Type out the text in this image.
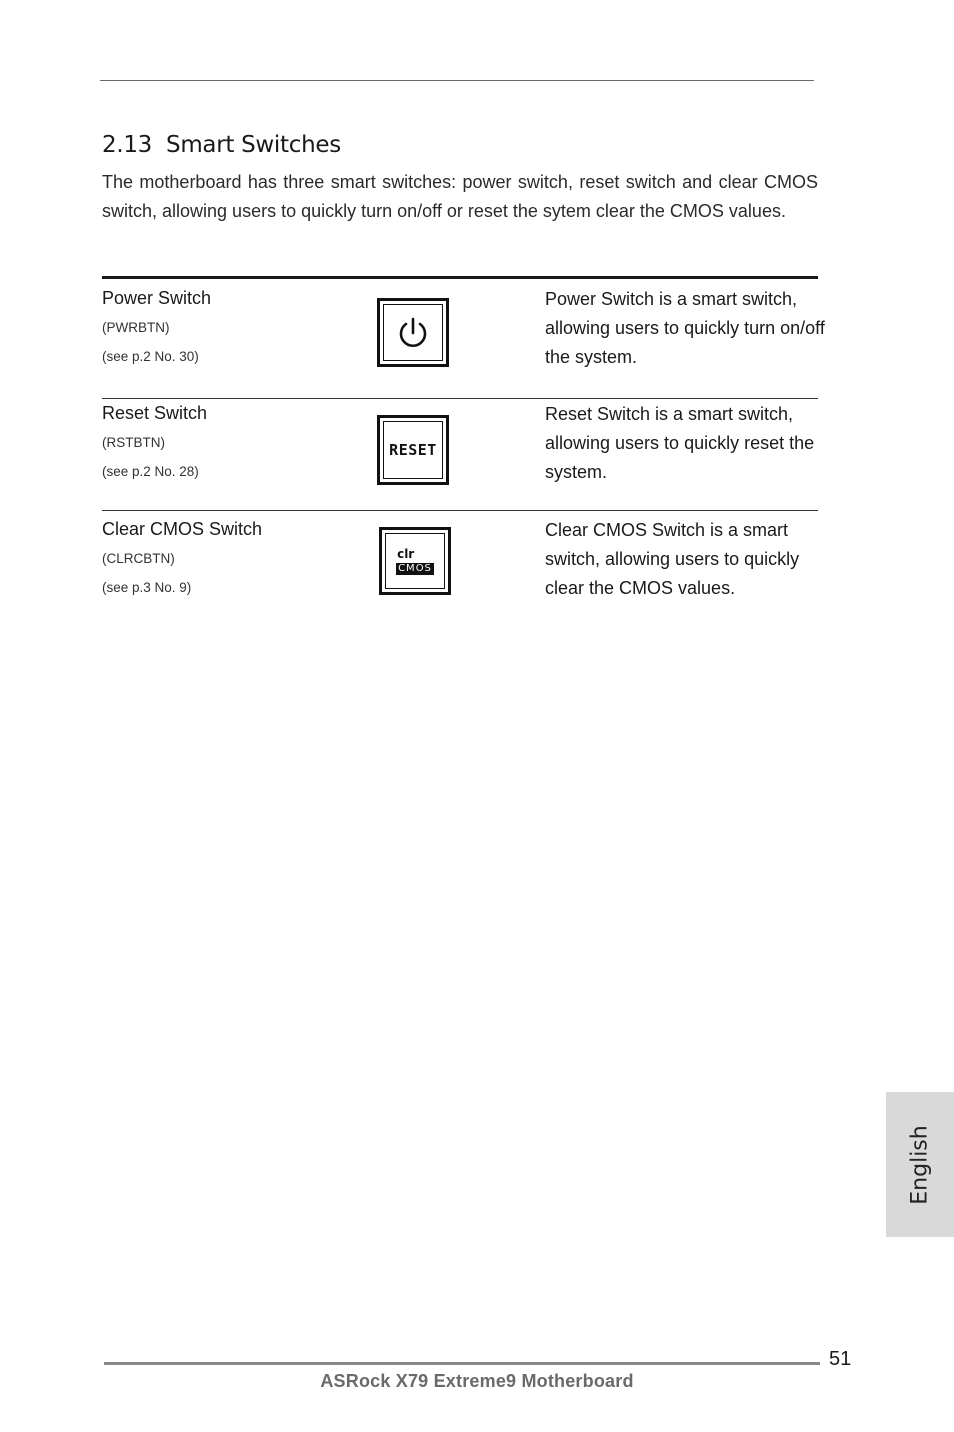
2.13 Smart Switches
The motherboard has three smart switches: power switch, reset switch and clear CMOS switch, allowing users to quickly turn on/off or reset the sytem clear the CMOS values.
Power Switch
(PWRBTN)
(see p.2 No. 30)
Power Switch is a smart switch, allowing users to quickly turn on/off the system.
Reset Switch
(RSTBTN)
(see p.2 No. 28)
RESET
Reset Switch is a smart switch, allowing users to quickly reset the system.
Clear CMOS Switch
(CLRCBTN)
(see p.3 No. 9)
clr
CMOS
Clear CMOS Switch is a smart switch, allowing users to quickly clear the CMOS values.
English
51
ASRock X79 Extreme9 Motherboard
